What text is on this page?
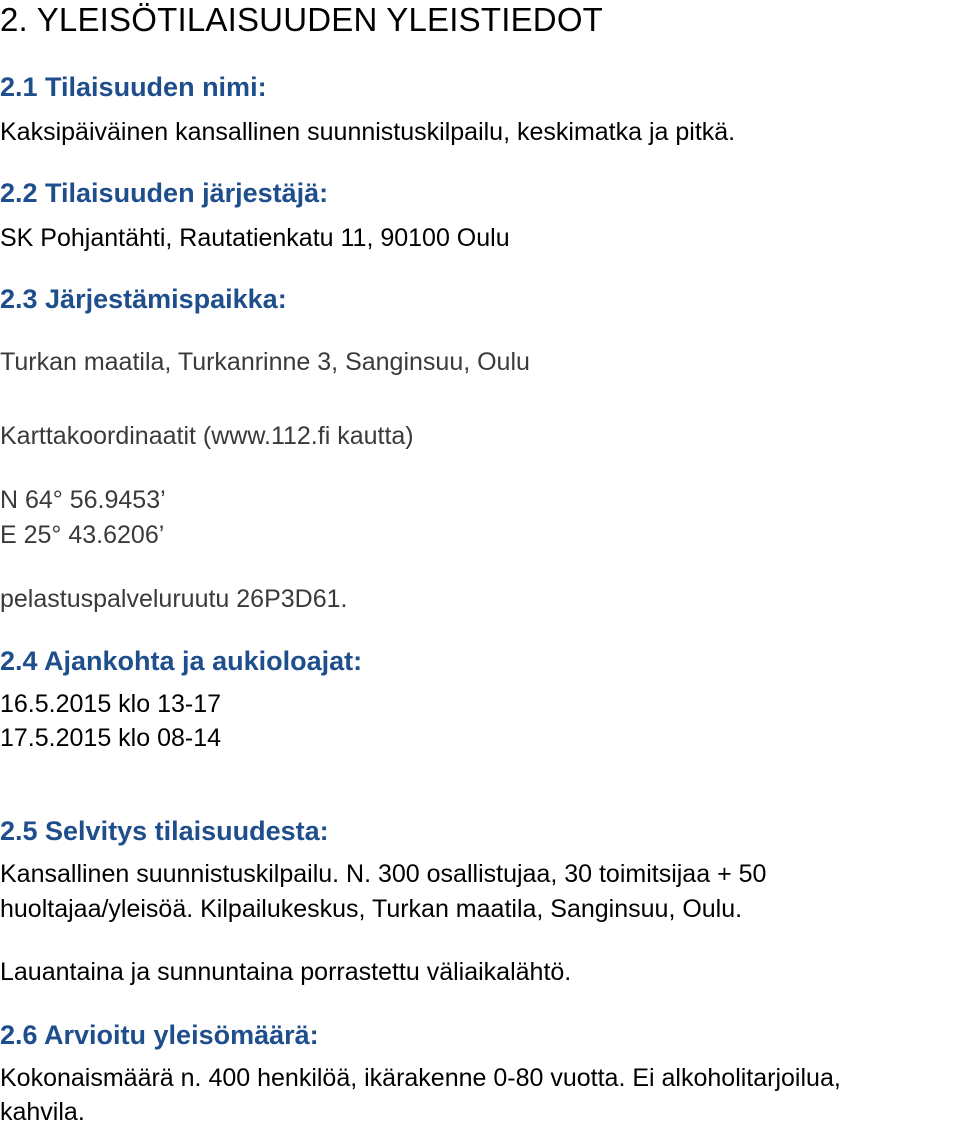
2. YLEISÖTILAISUUDEN YLEISTIEDOT
2.1 Tilaisuuden nimi:
Kaksipäiväinen kansallinen suunnistuskilpailu, keskimatka ja pitkä.
2.2 Tilaisuuden järjestäjä:
SK Pohjantähti, Rautatienkatu 11, 90100 Oulu
2.3 Järjestämispaikka:
Turkan maatila, Turkanrinne 3, Sanginsuu, Oulu
Karttakoordinaatit (www.112.fi kautta)
N 64° 56.9453’
E 25° 43.6206’
pelastuspalveluruutu 26P3D61.
2.4 Ajankohta ja aukioloajat:
16.5.2015 klo 13-17
17.5.2015 klo 08-14
2.5 Selvitys tilaisuudesta:
Kansallinen suunnistuskilpailu. N. 300 osallistujaa, 30 toimitsijaa + 50
huoltajaa/yleisöä. Kilpailukeskus, Turkan maatila, Sanginsuu, Oulu.
Lauantaina ja sunnuntaina porrastettu väliaikalähtö.
2.6 Arvioitu yleisömäärä:
Kokonaismäärä n. 400 henkilöä, ikärakenne 0-80 vuotta. Ei alkoholitarjoilua,
kahvila.
